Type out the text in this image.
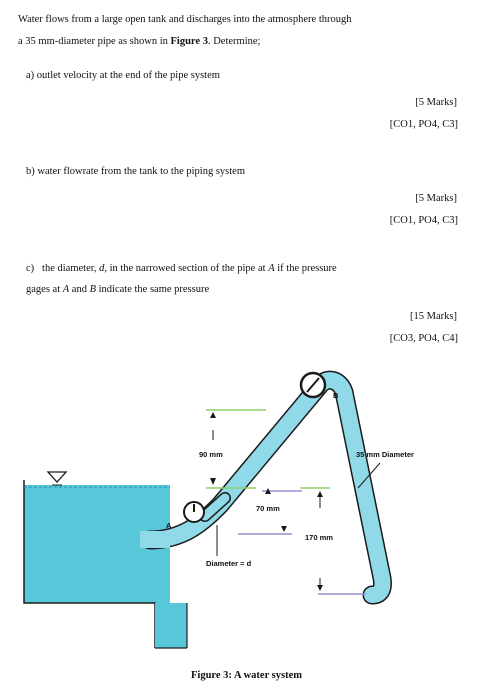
Water flows from a large open tank and discharges into the atmosphere through
a 35 mm-diameter pipe as shown in Figure 3. Determine;
a) outlet velocity at the end of the pipe system
[5 Marks]
[CO1, PO4, C3]
b) water flowrate from the tank to the piping system
[5 Marks]
[CO1, PO4, C3]
c) the diameter, d, in the narrowed section of the pipe at A if the pressure
gages at A and B indicate the same pressure
[15 Marks]
[CO3, PO4, C4]
A
B
90 mm
70 mm
170 mm
35 mm Diameter
Diameter = d
Figure 3: A water system
